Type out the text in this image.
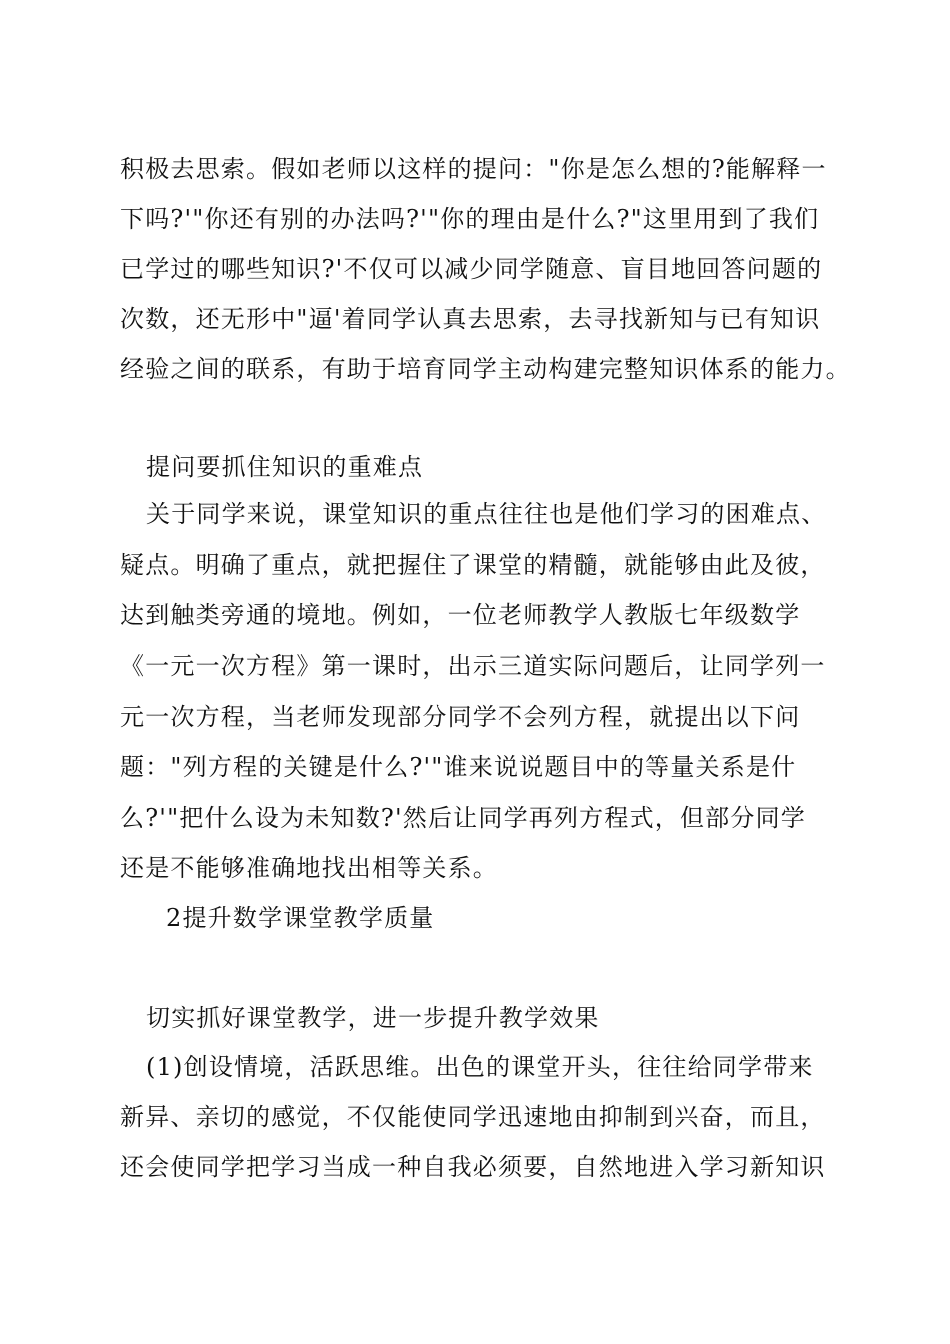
积极去思索。假如老师以这样的提问："你是怎么想的?能解释一
下吗?'"你还有别的办法吗?'"你的理由是什么?"这里用到了我们
已学过的哪些知识?'不仅可以减少同学随意、盲目地回答问题的
次数，还无形中"逼'着同学认真去思索，去寻找新知与已有知识
经验之间的联系，有助于培育同学主动构建完整知识体系的能力。
提问要抓住知识的重难点
关于同学来说，课堂知识的重点往往也是他们学习的困难点、
疑点。明确了重点，就把握住了课堂的精髓，就能够由此及彼，
达到触类旁通的境地。例如，一位老师教学人教版七年级数学
《一元一次方程》第一课时，出示三道实际问题后，让同学列一
元一次方程，当老师发现部分同学不会列方程，就提出以下问
题："列方程的关键是什么?'"谁来说说题目中的等量关系是什
么?'"把什么设为未知数?'然后让同学再列方程式，但部分同学
还是不能够准确地找出相等关系。
2提升数学课堂教学质量
切实抓好课堂教学，进一步提升教学效果
(1)创设情境，活跃思维。出色的课堂开头，往往给同学带来
新异、亲切的感觉，不仅能使同学迅速地由抑制到兴奋，而且，
还会使同学把学习当成一种自我必须要，自然地进入学习新知识
